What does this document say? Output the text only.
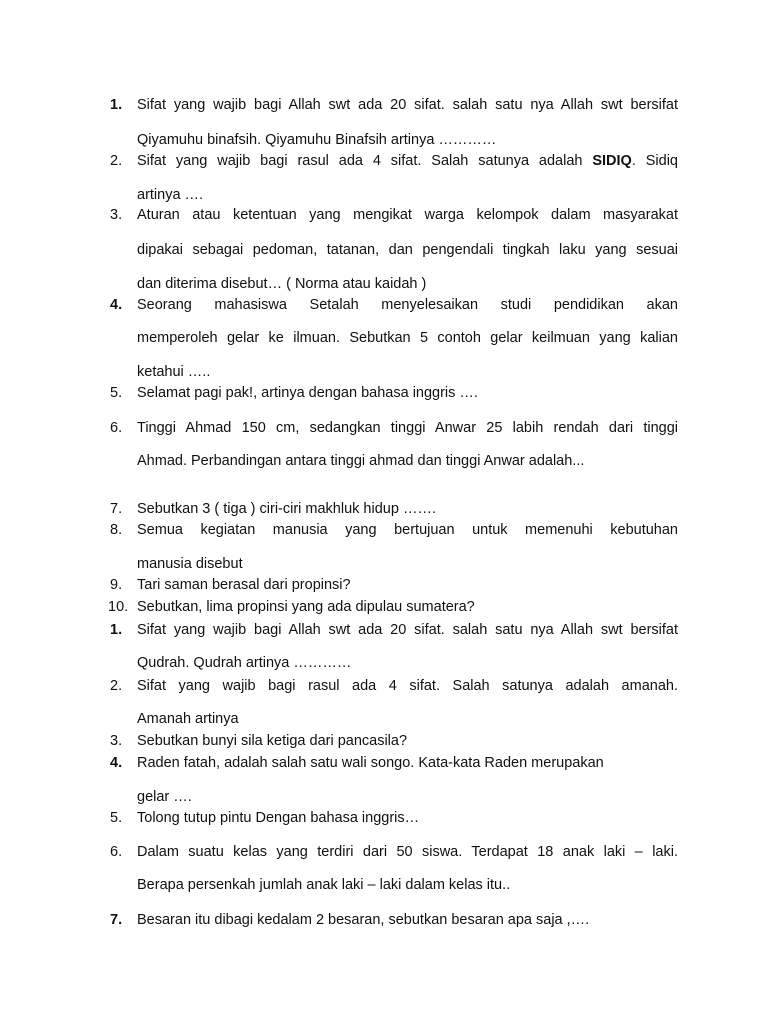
1.	Sifat yang wajib bagi Allah swt ada 20 sifat. salah satu nya Allah swt bersifat
Qiyamuhu binafsih. Qiyamuhu Binafsih artinya …………
2.	Sifat yang wajib bagi rasul ada 4 sifat. Salah satunya adalah SIDIQ. Sidiq
artinya ….
3.	Aturan atau ketentuan yang mengikat warga kelompok dalam masyarakat
dipakai sebagai pedoman, tatanan, dan pengendali tingkah laku yang sesuai
dan diterima disebut… ( Norma atau kaidah )
4.	Seorang mahasiswa Setalah menyelesaikan studi pendidikan akan
memperoleh gelar ke ilmuan. Sebutkan 5 contoh gelar keilmuan yang kalian
ketahui …..
5.	Selamat pagi pak!, artinya dengan bahasa inggris ….
6.	Tinggi Ahmad 150 cm, sedangkan tinggi Anwar 25 labih rendah dari tinggi
Ahmad. Perbandingan antara tinggi ahmad dan tinggi Anwar adalah...
7.	Sebutkan 3 ( tiga ) ciri-ciri makhluk hidup …….
8.	Semua kegiatan manusia yang bertujuan untuk memenuhi kebutuhan
manusia disebut
9.	Tari saman berasal dari propinsi?
10. Sebutkan, lima propinsi yang ada dipulau sumatera?
1.	Sifat yang wajib bagi Allah swt ada 20 sifat. salah satu nya Allah swt bersifat
Qudrah. Qudrah artinya …………
2.	Sifat yang wajib bagi rasul ada 4 sifat. Salah satunya adalah amanah.
Amanah artinya
3.	Sebutkan bunyi sila ketiga dari pancasila?
4.	Raden fatah, adalah salah satu wali songo. Kata-kata Raden merupakan
gelar ….
5.	Tolong tutup pintu Dengan bahasa inggris…
6.	Dalam suatu kelas yang terdiri dari 50 siswa. Terdapat 18 anak laki – laki.
Berapa persenkah jumlah anak laki – laki dalam kelas itu..
7.	Besaran itu dibagi kedalam 2 besaran, sebutkan besaran apa saja ,….
